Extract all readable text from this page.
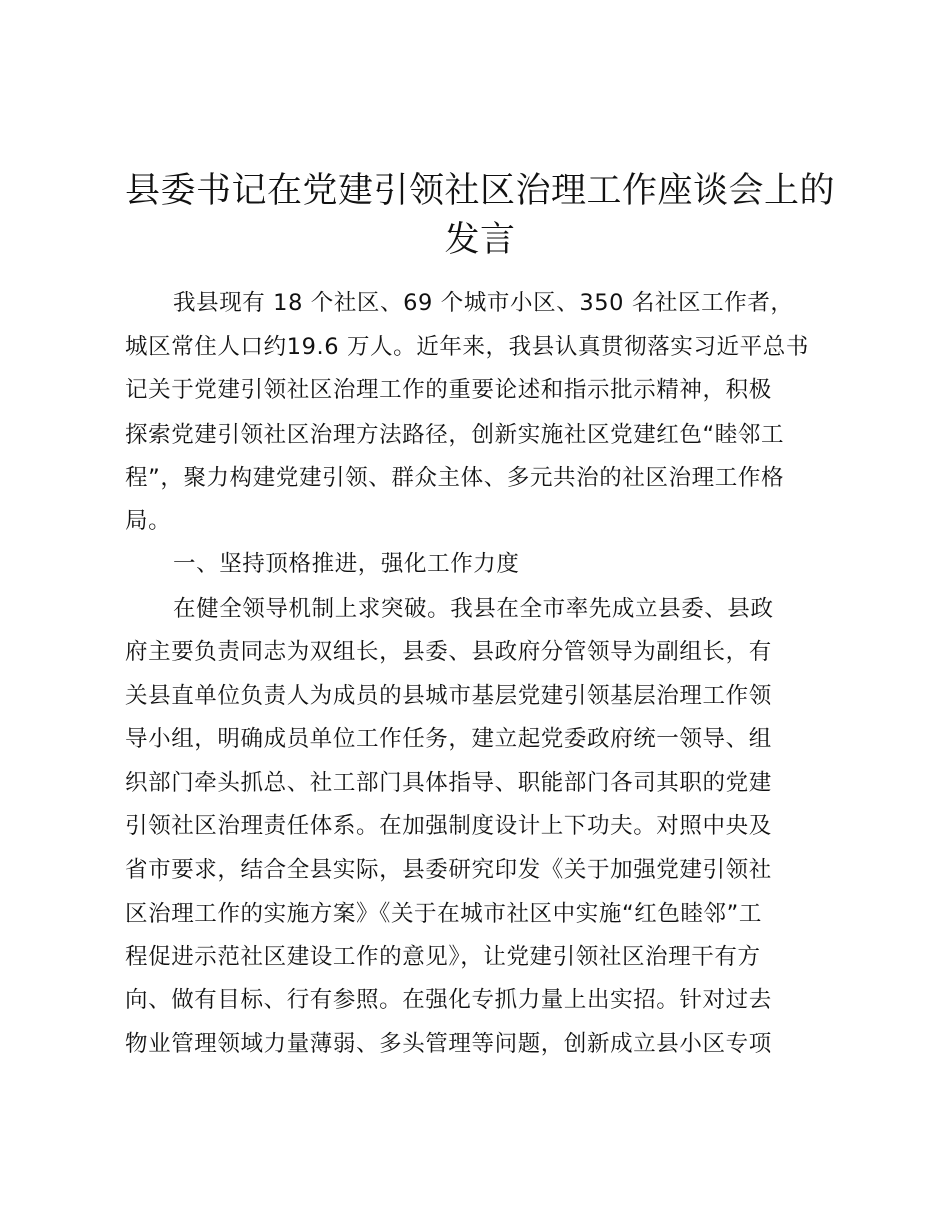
县委书记在党建引领社区治理工作座谈会上的
发言
我县现有 18 个社区、69 个城市小区、350 名社区工作者，
城区常住人口约19.6 万人。近年来，我县认真贯彻落实习近平总书
记关于党建引领社区治理工作的重要论述和指示批示精神，积极
探索党建引领社区治理方法路径，创新实施社区党建红色“睦邻工
程”，聚力构建党建引领、群众主体、多元共治的社区治理工作格
局。
一、坚持顶格推进，强化工作力度
在健全领导机制上求突破。我县在全市率先成立县委、县政
府主要负责同志为双组长，县委、县政府分管领导为副组长，有
关县直单位负责人为成员的县城市基层党建引领基层治理工作领
导小组，明确成员单位工作任务，建立起党委政府统一领导、组
织部门牵头抓总、社工部门具体指导、职能部门各司其职的党建
引领社区治理责任体系。在加强制度设计上下功夫。对照中央及
省市要求，结合全县实际，县委研究印发《关于加强党建引领社
区治理工作的实施方案》《关于在城市社区中实施“红色睦邻”工
程促进示范社区建设工作的意见》，让党建引领社区治理干有方
向、做有目标、行有参照。在强化专抓力量上出实招。针对过去
物业管理领域力量薄弱、多头管理等问题，创新成立县小区专项
